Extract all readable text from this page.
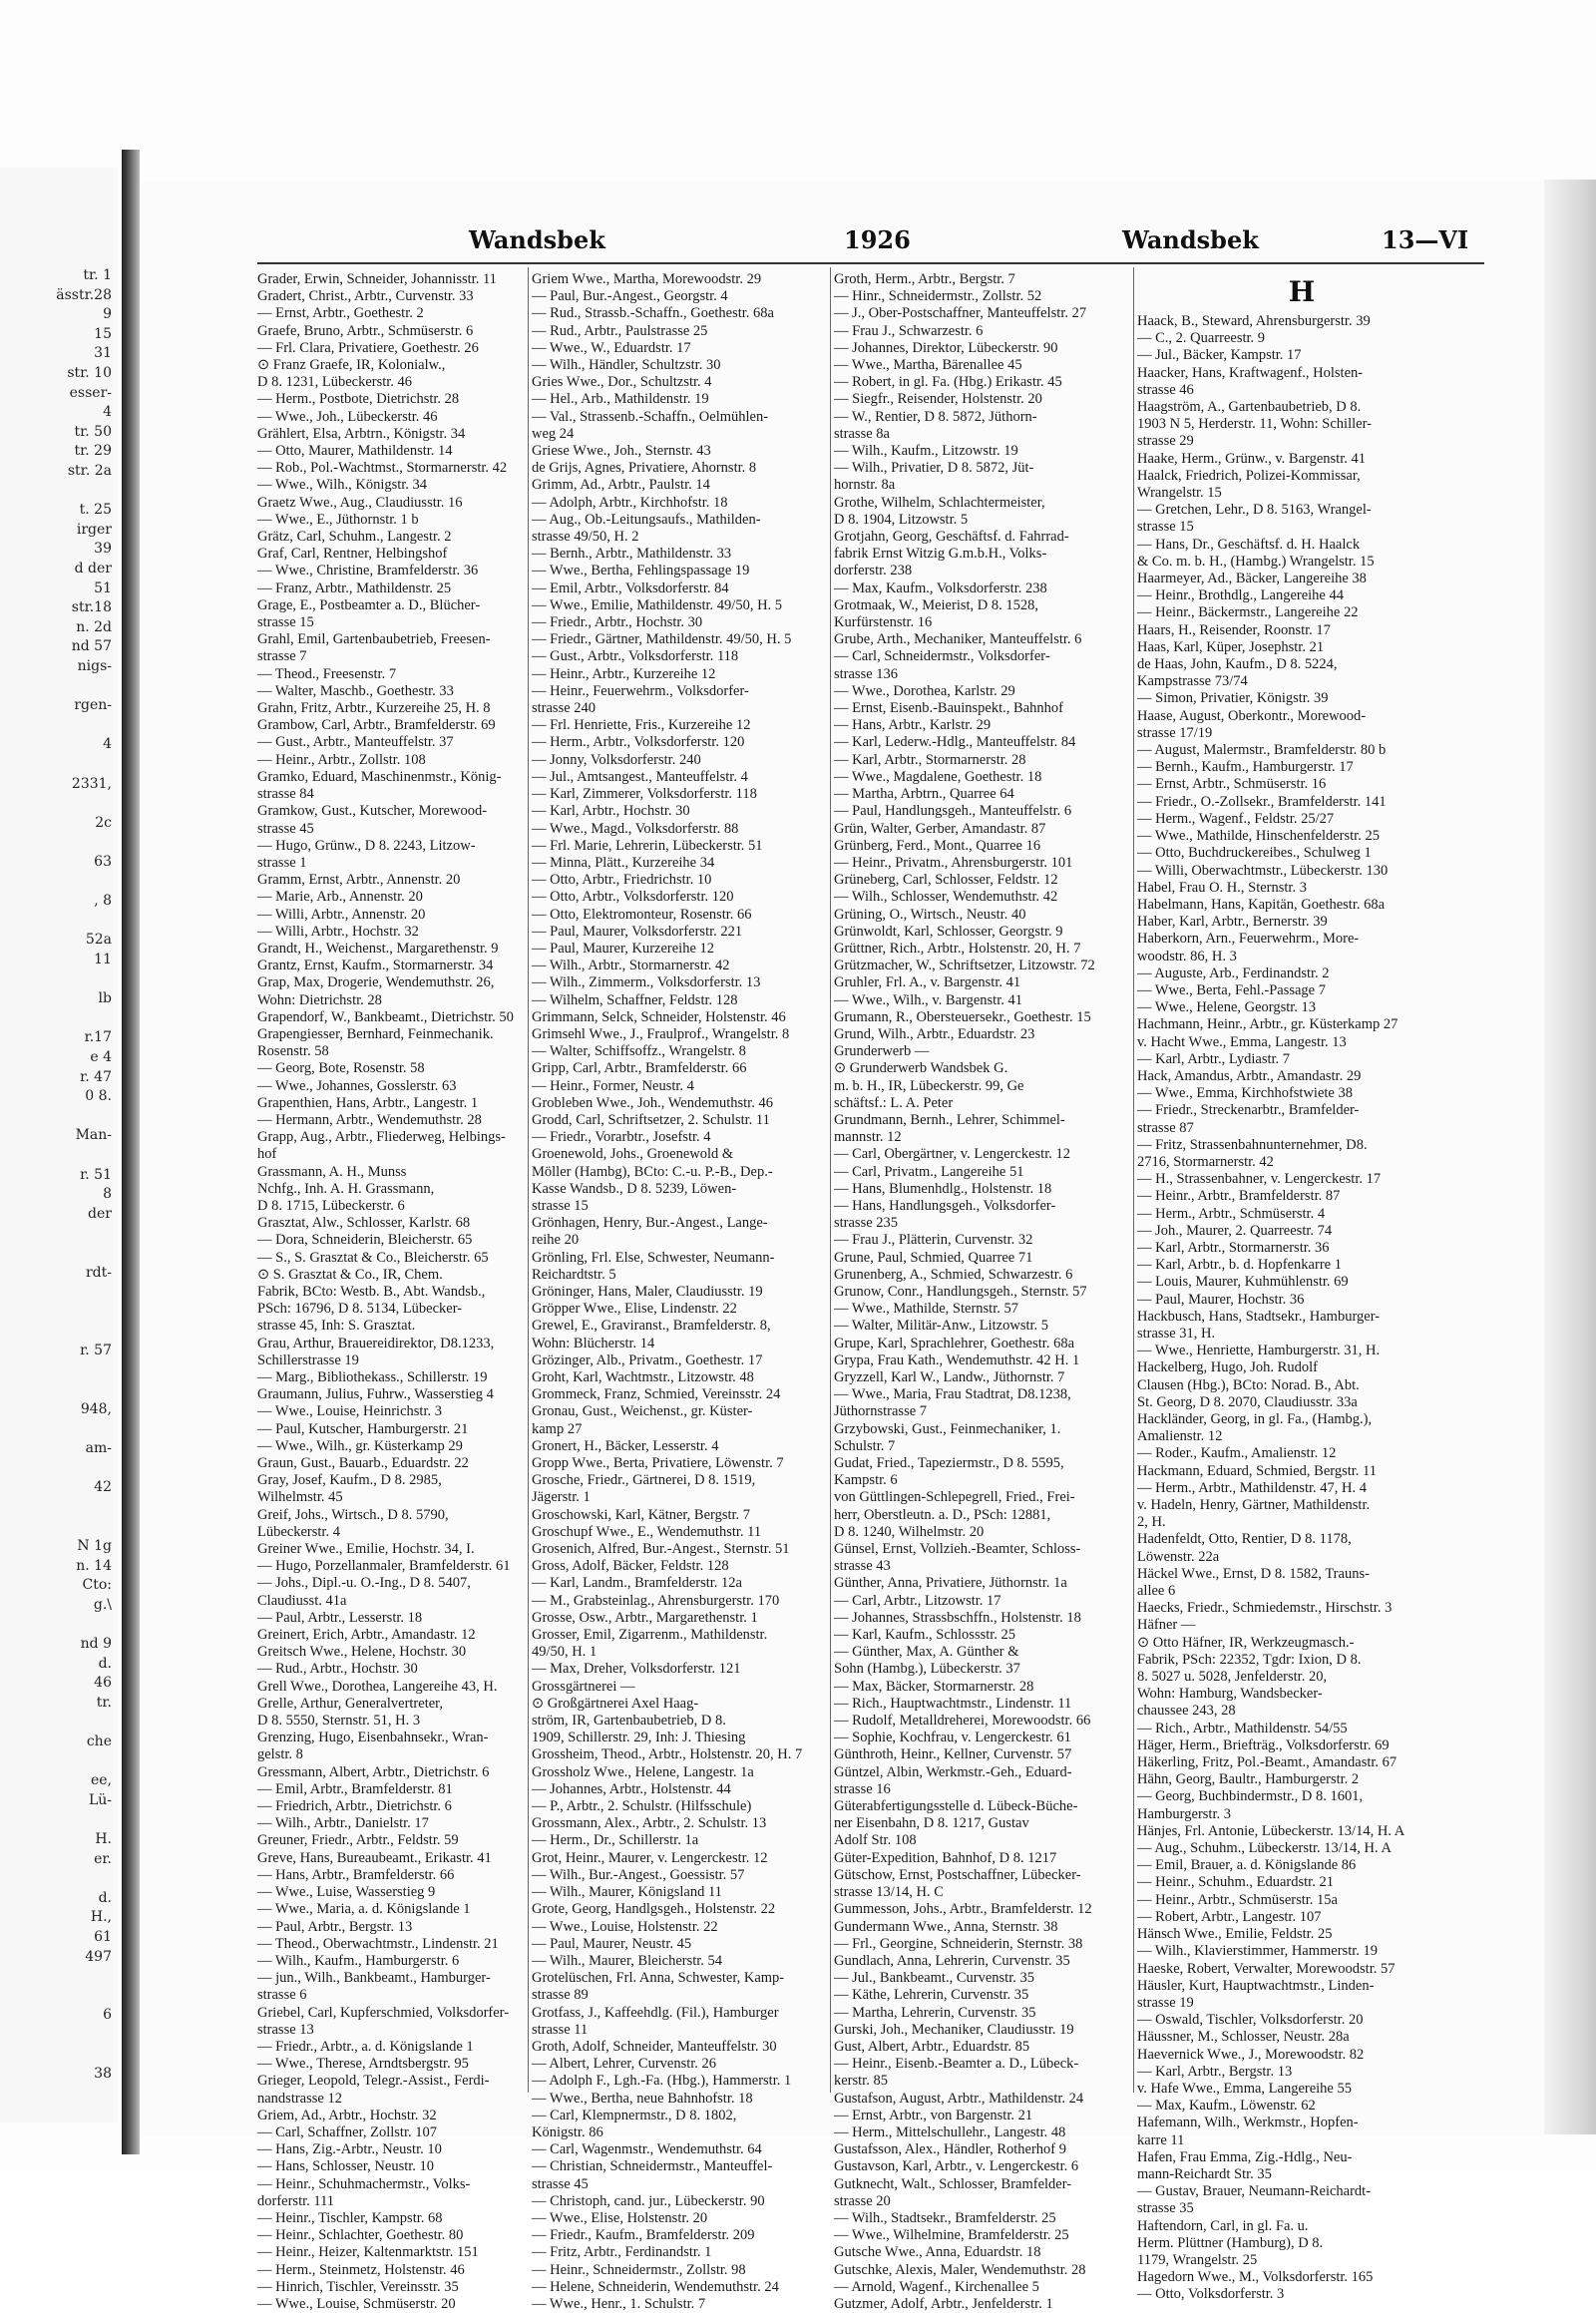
tr. 1
ässtr.28
9
15
31
str. 10
esser-
4
tr. 50
tr. 29
str. 2a
t. 25
irger
39
d der
51
str.18
n. 2d
nd 57
nigs-
rgen-
4
2331,
2c
63
, 8
52a
11
lb
r.17
e 4
r. 47
0 8.
Man-
r. 51
8
der
rdt-
r. 57
948,
am-
42
N 1g
n. 14
Cto:
g.\
nd 9
d.
46
tr.
che
ee,
Lü-
H.
er.
d.
H.,
61
497
6
38
Wandsbek	1926	Wandsbek	13—VI
Grader, Erwin, Schneider, Johannisstr. 11
Gradert, Christ., Arbtr., Curvenstr. 33
— Ernst, Arbtr., Goethestr. 2
Graefe, Bruno, Arbtr., Schmüserstr. 6
— Frl. Clara, Privatiere, Goethestr. 26
⊙ Franz Graefe, IR, Kolonialw.,
D 8. 1231, Lübeckerstr. 46
— Herm., Postbote, Dietrichstr. 28
— Wwe., Joh., Lübeckerstr. 46
Grählert, Elsa, Arbtrn., Königstr. 34
— Otto, Maurer, Mathildenstr. 14
— Rob., Pol.-Wachtmst., Stormarnerstr. 42
— Wwe., Wilh., Königstr. 34
Graetz Wwe., Aug., Claudiusstr. 16
— Wwe., E., Jüthornstr. 1 b
Grätz, Carl, Schuhm., Langestr. 2
Graf, Carl, Rentner, Helbingshof
— Wwe., Christine, Bramfelderstr. 36
— Franz, Arbtr., Mathildenstr. 25
Grage, E., Postbeamter a. D., Blücher-
strasse 15
Grahl, Emil, Gartenbaubetrieb, Freesen-
strasse 7
— Theod., Freesenstr. 7
— Walter, Maschb., Goethestr. 33
Grahn, Fritz, Arbtr., Kurzereihe 25, H. 8
Grambow, Carl, Arbtr., Bramfelderstr. 69
— Gust., Arbtr., Manteuffelstr. 37
— Heinr., Arbtr., Zollstr. 108
Gramko, Eduard, Maschinenmstr., König-
strasse 84
Gramkow, Gust., Kutscher, Morewood-
strasse 45
— Hugo, Grünw., D 8. 2243, Litzow-
strasse 1
Gramm, Ernst, Arbtr., Annenstr. 20
— Marie, Arb., Annenstr. 20
— Willi, Arbtr., Annenstr. 20
— Willi, Arbtr., Hochstr. 32
Grandt, H., Weichenst., Margarethenstr. 9
Grantz, Ernst, Kaufm., Stormarnerstr. 34
Grap, Max, Drogerie, Wendemuthstr. 26,
Wohn: Dietrichstr. 28
Grapendorf, W., Bankbeamt., Dietrichstr. 50
Grapengiesser, Bernhard, Feinmechanik.
Rosenstr. 58
— Georg, Bote, Rosenstr. 58
— Wwe., Johannes, Gosslerstr. 63
Grapenthien, Hans, Arbtr., Langestr. 1
— Hermann, Arbtr., Wendemuthstr. 28
Grapp, Aug., Arbtr., Fliederweg, Helbings-
hof
Grassmann, A. H., Munss
Nchfg., Inh. A. H. Grassmann,
D 8. 1715, Lübeckerstr. 6
Grasztat, Alw., Schlosser, Karlstr. 68
— Dora, Schneiderin, Bleicherstr. 65
— S., S. Grasztat & Co., Bleicherstr. 65
⊙ S. Grasztat & Co., IR, Chem.
Fabrik, BCto: Westb. B., Abt. Wandsb.,
PSch: 16796, D 8. 5134, Lübecker-
strasse 45, Inh: S. Grasztat.
Grau, Arthur, Brauereidirektor, D8.1233,
Schillerstrasse 19
— Marg., Bibliothekass., Schillerstr. 19
Graumann, Julius, Fuhrw., Wasserstieg 4
— Wwe., Louise, Heinrichstr. 3
— Paul, Kutscher, Hamburgerstr. 21
— Wwe., Wilh., gr. Küsterkamp 29
Graun, Gust., Bauarb., Eduardstr. 22
Gray, Josef, Kaufm., D 8. 2985,
Wilhelmstr. 45
Greif, Johs., Wirtsch., D 8. 5790,
Lübeckerstr. 4
Greiner Wwe., Emilie, Hochstr. 34, I.
— Hugo, Porzellanmaler, Bramfelderstr. 61
— Johs., Dipl.-u. O.-Ing., D 8. 5407,
Claudiusst. 41a
— Paul, Arbtr., Lesserstr. 18
Greinert, Erich, Arbtr., Amandastr. 12
Greitsch Wwe., Helene, Hochstr. 30
— Rud., Arbtr., Hochstr. 30
Grell Wwe., Dorothea, Langereihe 43, H.
Grelle, Arthur, Generalvertreter,
D 8. 5550, Sternstr. 51, H. 3
Grenzing, Hugo, Eisenbahnsekr., Wran-
gelstr. 8
Gressmann, Albert, Arbtr., Dietrichstr. 6
— Emil, Arbtr., Bramfelderstr. 81
— Friedrich, Arbtr., Dietrichstr. 6
— Wilh., Arbtr., Danielstr. 17
Greuner, Friedr., Arbtr., Feldstr. 59
Greve, Hans, Bureaubeamt., Erikastr. 41
— Hans, Arbtr., Bramfelderstr. 66
— Wwe., Luise, Wasserstieg 9
— Wwe., Maria, a. d. Königslande 1
— Paul, Arbtr., Bergstr. 13
— Theod., Oberwachtmstr., Lindenstr. 21
— Wilh., Kaufm., Hamburgerstr. 6
— jun., Wilh., Bankbeamt., Hamburger-
strasse 6
Griebel, Carl, Kupferschmied, Volksdorfer-
strasse 13
— Friedr., Arbtr., a. d. Königslande 1
— Wwe., Therese, Arndtsbergstr. 95
Grieger, Leopold, Telegr.-Assist., Ferdi-
nandstrasse 12
Griem, Ad., Arbtr., Hochstr. 32
— Carl, Schaffner, Zollstr. 107
— Hans, Zig.-Arbtr., Neustr. 10
— Hans, Schlosser, Neustr. 10
— Heinr., Schuhmachermstr., Volks-
dorferstr. 111
— Heinr., Tischler, Kampstr. 68
— Heinr., Schlachter, Goethestr. 80
— Heinr., Heizer, Kaltenmarktstr. 151
— Herm., Steinmetz, Holstenstr. 46
— Hinrich, Tischler, Vereinsstr. 35
— Wwe., Louise, Schmüserstr. 20
Griem Wwe., Martha, Morewoodstr. 29
— Paul, Bur.-Angest., Georgstr. 4
— Rud., Strassb.-Schaffn., Goethestr. 68a
— Rud., Arbtr., Paulstrasse 25
— Wwe., W., Eduardstr. 17
— Wilh., Händler, Schultzstr. 30
Gries Wwe., Dor., Schultzstr. 4
— Hel., Arb., Mathildenstr. 19
— Val., Strassenb.-Schaffn., Oelmühlen-
weg 24
Griese Wwe., Joh., Sternstr. 43
de Grijs, Agnes, Privatiere, Ahornstr. 8
Grimm, Ad., Arbtr., Paulstr. 14
— Adolph, Arbtr., Kirchhofstr. 18
— Aug., Ob.-Leitungsaufs., Mathilden-
strasse 49/50, H. 2
— Bernh., Arbtr., Mathildenstr. 33
— Wwe., Bertha, Fehlingspassage 19
— Emil, Arbtr., Volksdorferstr. 84
— Wwe., Emilie, Mathildenstr. 49/50, H. 5
— Friedr., Arbtr., Hochstr. 30
— Friedr., Gärtner, Mathildenstr. 49/50, H. 5
— Gust., Arbtr., Volksdorferstr. 118
— Heinr., Arbtr., Kurzereihe 12
— Heinr., Feuerwehrm., Volksdorfer-
strasse 240
— Frl. Henriette, Fris., Kurzereihe 12
— Herm., Arbtr., Volksdorferstr. 120
— Jonny, Volksdorferstr. 240
— Jul., Amtsangest., Manteuffelstr. 4
— Karl, Zimmerer, Volksdorferstr. 118
— Karl, Arbtr., Hochstr. 30
— Wwe., Magd., Volksdorferstr. 88
— Frl. Marie, Lehrerin, Lübeckerstr. 51
— Minna, Plätt., Kurzereihe 34
— Otto, Arbtr., Friedrichstr. 10
— Otto, Arbtr., Volksdorferstr. 120
— Otto, Elektromonteur, Rosenstr. 66
— Paul, Maurer, Volksdorferstr. 221
— Paul, Maurer, Kurzereihe 12
— Wilh., Arbtr., Stormarnerstr. 42
— Wilh., Zimmerm., Volksdorferstr. 13
— Wilhelm, Schaffner, Feldstr. 128
Grimmann, Selck, Schneider, Holstenstr. 46
Grimsehl Wwe., J., Fraulprof., Wrangelstr. 8
— Walter, Schiffsoffz., Wrangelstr. 8
Gripp, Carl, Arbtr., Bramfelderstr. 66
— Heinr., Former, Neustr. 4
Grobleben Wwe., Joh., Wendemuthstr. 46
Grodd, Carl, Schriftsetzer, 2. Schulstr. 11
— Friedr., Vorarbtr., Josefstr. 4
Groenewold, Johs., Groenewold &
Möller (Hambg), BCto: C.-u. P.-B., Dep.-
Kasse Wandsb., D 8. 5239, Löwen-
strasse 15
Grönhagen, Henry, Bur.-Angest., Lange-
reihe 20
Grönling, Frl. Else, Schwester, Neumann-
Reichardtstr. 5
Gröninger, Hans, Maler, Claudiusstr. 19
Gröpper Wwe., Elise, Lindenstr. 22
Grewel, E., Graviranst., Bramfelderstr. 8,
Wohn: Blücherstr. 14
Grözinger, Alb., Privatm., Goethestr. 17
Groht, Karl, Wachtmstr., Litzowstr. 48
Grommeck, Franz, Schmied, Vereinsstr. 24
Gronau, Gust., Weichenst., gr. Küster-
kamp 27
Gronert, H., Bäcker, Lesserstr. 4
Gropp Wwe., Berta, Privatiere, Löwenstr. 7
Grosche, Friedr., Gärtnerei, D 8. 1519,
Jägerstr. 1
Groschowski, Karl, Kätner, Bergstr. 7
Groschupf Wwe., E., Wendemuthstr. 11
Grosenich, Alfred, Bur.-Angest., Sternstr. 51
Gross, Adolf, Bäcker, Feldstr. 128
— Karl, Landm., Bramfelderstr. 12a
— M., Grabsteinlag., Ahrensburgerstr. 170
Grosse, Osw., Arbtr., Margarethenstr. 1
Grosser, Emil, Zigarrenm., Mathildenstr.
49/50, H. 1
— Max, Dreher, Volksdorferstr. 121
Grossgärtnerei —
⊙ Großgärtnerei Axel Haag-
ström, IR, Gartenbaubetrieb, D 8.
1909, Schillerstr. 29, Inh: J. Thiesing
Grossheim, Theod., Arbtr., Holstenstr. 20, H. 7
Grossholz Wwe., Helene, Langestr. 1a
— Johannes, Arbtr., Holstenstr. 44
— P., Arbtr., 2. Schulstr. (Hilfsschule)
Grossmann, Alex., Arbtr., 2. Schulstr. 13
— Herm., Dr., Schillerstr. 1a
Grot, Heinr., Maurer, v. Lengerckestr. 12
— Wilh., Bur.-Angest., Goessistr. 57
— Wilh., Maurer, Königsland 11
Grote, Georg, Handlgsgeh., Holstenstr. 22
— Wwe., Louise, Holstenstr. 22
— Paul, Maurer, Neustr. 45
— Wilh., Maurer, Bleicherstr. 54
Grotelüschen, Frl. Anna, Schwester, Kamp-
strasse 89
Grotfass, J., Kaffeehdlg. (Fil.), Hamburger
strasse 11
Groth, Adolf, Schneider, Manteuffelstr. 30
— Albert, Lehrer, Curvenstr. 26
— Adolph F., Lgh.-Fa. (Hbg.), Hammerstr. 1
— Wwe., Bertha, neue Bahnhofstr. 18
— Carl, Klempnermstr., D 8. 1802,
Königstr. 86
— Carl, Wagenmstr., Wendemuthstr. 64
— Christian, Schneidermstr., Manteuffel-
strasse 45
— Christoph, cand. jur., Lübeckerstr. 90
— Wwe., Elise, Holstenstr. 20
— Friedr., Kaufm., Bramfelderstr. 209
— Fritz, Arbtr., Ferdinandstr. 1
— Heinr., Schneidermstr., Zollstr. 98
— Helene, Schneiderin, Wendemuthstr. 24
— Wwe., Henr., 1. Schulstr. 7
Groth, Herm., Arbtr., Bergstr. 7
— Hinr., Schneidermstr., Zollstr. 52
— J., Ober-Postschaffner, Manteuffelstr. 27
— Frau J., Schwarzestr. 6
— Johannes, Direktor, Lübeckerstr. 90
— Wwe., Martha, Bärenallee 45
— Robert, in gl. Fa. (Hbg.) Erikastr. 45
— Siegfr., Reisender, Holstenstr. 20
— W., Rentier, D 8. 5872, Jüthorn-
strasse 8a
— Wilh., Kaufm., Litzowstr. 19
— Wilh., Privatier, D 8. 5872, Jüt-
hornstr. 8a
Grothe, Wilhelm, Schlachtermeister,
D 8. 1904, Litzowstr. 5
Grotjahn, Georg, Geschäftsf. d. Fahrrad-
fabrik Ernst Witzig G.m.b.H., Volks-
dorferstr. 238
— Max, Kaufm., Volksdorferstr. 238
Grotmaak, W., Meierist, D 8. 1528,
Kurfürstenstr. 16
Grube, Arth., Mechaniker, Manteuffelstr. 6
— Carl, Schneidermstr., Volksdorfer-
strasse 136
— Wwe., Dorothea, Karlstr. 29
— Ernst, Eisenb.-Bauinspekt., Bahnhof
— Hans, Arbtr., Karlstr. 29
— Karl, Lederw.-Hdlg., Manteuffelstr. 84
— Karl, Arbtr., Stormarnerstr. 28
— Wwe., Magdalene, Goethestr. 18
— Martha, Arbtrn., Quarree 64
— Paul, Handlungsgeh., Manteuffelstr. 6
Grün, Walter, Gerber, Amandastr. 87
Grünberg, Ferd., Mont., Quarree 16
— Heinr., Privatm., Ahrensburgerstr. 101
Grüneberg, Carl, Schlosser, Feldstr. 12
— Wilh., Schlosser, Wendemuthstr. 42
Grüning, O., Wirtsch., Neustr. 40
Grünwoldt, Karl, Schlosser, Georgstr. 9
Grüttner, Rich., Arbtr., Holstenstr. 20, H. 7
Grützmacher, W., Schriftsetzer, Litzowstr. 72
Gruhler, Frl. A., v. Bargenstr. 41
— Wwe., Wilh., v. Bargenstr. 41
Grumann, R., Obersteuersekr., Goethestr. 15
Grund, Wilh., Arbtr., Eduardstr. 23
Grunderwerb —
⊙ Grunderwerb Wandsbek G.
m. b. H., IR, Lübeckerstr. 99, Ge
schäftsf.: L. A. Peter
Grundmann, Bernh., Lehrer, Schimmel-
mannstr. 12
— Carl, Obergärtner, v. Lengerckestr. 12
— Carl, Privatm., Langereihe 51
— Hans, Blumenhdlg., Holstenstr. 18
— Hans, Handlungsgeh., Volksdorfer-
strasse 235
— Frau J., Plätterin, Curvenstr. 32
Grune, Paul, Schmied, Quarree 71
Grunenberg, A., Schmied, Schwarzestr. 6
Grunow, Conr., Handlungsgeh., Sternstr. 57
— Wwe., Mathilde, Sternstr. 57
— Walter, Militär-Anw., Litzowstr. 5
Grupe, Karl, Sprachlehrer, Goethestr. 68a
Grypa, Frau Kath., Wendemuthstr. 42 H. 1
Gryzzell, Karl W., Landw., Jüthornstr. 7
— Wwe., Maria, Frau Stadtrat, D8.1238,
Jüthornstrasse 7
Grzybowski, Gust., Feinmechaniker, 1.
Schulstr. 7
Gudat, Fried., Tapeziermstr., D 8. 5595,
Kampstr. 6
von Güttlingen-Schlepegrell, Fried., Frei-
herr, Oberstleutn. a. D., PSch: 12881,
D 8. 1240, Wilhelmstr. 20
Günsel, Ernst, Vollzieh.-Beamter, Schloss-
strasse 43
Günther, Anna, Privatiere, Jüthornstr. 1a
— Carl, Arbtr., Litzowstr. 17
— Johannes, Strassbschffn., Holstenstr. 18
— Karl, Kaufm., Schlossstr. 25
— Günther, Max, A. Günther &
Sohn (Hambg.), Lübeckerstr. 37
— Max, Bäcker, Stormarnerstr. 28
— Rich., Hauptwachtmstr., Lindenstr. 11
— Rudolf, Metalldreherei, Morewoodstr. 66
— Sophie, Kochfrau, v. Lengerckestr. 61
Günthroth, Heinr., Kellner, Curvenstr. 57
Güntzel, Albin, Werkmstr.-Geh., Eduard-
strasse 16
Güterabfertigungsstelle d. Lübeck-Büche-
ner Eisenbahn, D 8. 1217, Gustav
Adolf Str. 108
Güter-Expedition, Bahnhof, D 8. 1217
Gütschow, Ernst, Postschaffner, Lübecker-
strasse 13/14, H. C
Gummesson, Johs., Arbtr., Bramfelderstr. 12
Gundermann Wwe., Anna, Sternstr. 38
— Frl., Georgine, Schneiderin, Sternstr. 38
Gundlach, Anna, Lehrerin, Curvenstr. 35
— Jul., Bankbeamt., Curvenstr. 35
— Käthe, Lehrerin, Curvenstr. 35
— Martha, Lehrerin, Curvenstr. 35
Gurski, Joh., Mechaniker, Claudiusstr. 19
Gust, Albert, Arbtr., Eduardstr. 85
— Heinr., Eisenb.-Beamter a. D., Lübeck-
kerstr. 85
Gustafson, August, Arbtr., Mathildenstr. 24
— Ernst, Arbtr., von Bargenstr. 21
— Herm., Mittelschullehr., Langestr. 48
Gustafsson, Alex., Händler, Rotherhof 9
Gustavson, Karl, Arbtr., v. Lengerckestr. 6
Gutknecht, Walt., Schlosser, Bramfelder-
strasse 20
— Wilh., Stadtsekr., Bramfelderstr. 25
— Wwe., Wilhelmine, Bramfelderstr. 25
Gutsche Wwe., Anna, Eduardstr. 18
Gutschke, Alexis, Maler, Wendemuthstr. 28
— Arnold, Wagenf., Kirchenallee 5
Gutzmer, Adolf, Arbtr., Jenfelderstr. 1
H
Haack, B., Steward, Ahrensburgerstr. 39
— C., 2. Quarreestr. 9
— Jul., Bäcker, Kampstr. 17
Haacker, Hans, Kraftwagenf., Holsten-
strasse 46
Haagström, A., Gartenbaubetrieb, D 8.
1903 N 5, Herderstr. 11, Wohn: Schiller-
strasse 29
Haake, Herm., Grünw., v. Bargenstr. 41
Haalck, Friedrich, Polizei-Kommissar,
Wrangelstr. 15
— Gretchen, Lehr., D 8. 5163, Wrangel-
strasse 15
— Hans, Dr., Geschäftsf. d. H. Haalck
& Co. m. b. H., (Hambg.) Wrangelstr. 15
Haarmeyer, Ad., Bäcker, Langereihe 38
— Heinr., Brothdlg., Langereihe 44
— Heinr., Bäckermstr., Langereihe 22
Haars, H., Reisender, Roonstr. 17
Haas, Karl, Küper, Josephstr. 21
de Haas, John, Kaufm., D 8. 5224,
Kampstrasse 73/74
— Simon, Privatier, Königstr. 39
Haase, August, Oberkontr., Morewood-
strasse 17/19
— August, Malermstr., Bramfelderstr. 80 b
— Bernh., Kaufm., Hamburgerstr. 17
— Ernst, Arbtr., Schmüserstr. 16
— Friedr., O.-Zollsekr., Bramfelderstr. 141
— Herm., Wagenf., Feldstr. 25/27
— Wwe., Mathilde, Hinschenfelderstr. 25
— Otto, Buchdruckereibes., Schulweg 1
— Willi, Oberwachtmstr., Lübeckerstr. 130
Habel, Frau O. H., Sternstr. 3
Habelmann, Hans, Kapitän, Goethestr. 68a
Haber, Karl, Arbtr., Bernerstr. 39
Haberkorn, Arn., Feuerwehrm., More-
woodstr. 86, H. 3
— Auguste, Arb., Ferdinandstr. 2
— Wwe., Berta, Fehl.-Passage 7
— Wwe., Helene, Georgstr. 13
Hachmann, Heinr., Arbtr., gr. Küsterkamp 27
v. Hacht Wwe., Emma, Langestr. 13
— Karl, Arbtr., Lydiastr. 7
Hack, Amandus, Arbtr., Amandastr. 29
— Wwe., Emma, Kirchhofstwiete 38
— Friedr., Streckenarbtr., Bramfelder-
strasse 87
— Fritz, Strassenbahnunternehmer, D8.
2716, Stormarnerstr. 42
— H., Strassenbahner, v. Lengerckestr. 17
— Heinr., Arbtr., Bramfelderstr. 87
— Herm., Arbtr., Schmüserstr. 4
— Joh., Maurer, 2. Quarreestr. 74
— Karl, Arbtr., Stormarnerstr. 36
— Karl, Arbtr., b. d. Hopfenkarre 1
— Louis, Maurer, Kuhmühlenstr. 69
— Paul, Maurer, Hochstr. 36
Hackbusch, Hans, Stadtsekr., Hamburger-
strasse 31, H.
— Wwe., Henriette, Hamburgerstr. 31, H.
Hackelberg, Hugo, Joh. Rudolf
Clausen (Hbg.), BCto: Norad. B., Abt.
St. Georg, D 8. 2070, Claudiusstr. 33a
Hackländer, Georg, in gl. Fa., (Hambg.),
Amalienstr. 12
— Roder., Kaufm., Amalienstr. 12
Hackmann, Eduard, Schmied, Bergstr. 11
— Herm., Arbtr., Mathildenstr. 47, H. 4
v. Hadeln, Henry, Gärtner, Mathildenstr.
2, H.
Hadenfeldt, Otto, Rentier, D 8. 1178,
Löwenstr. 22a
Häckel Wwe., Ernst, D 8. 1582, Trauns-
allee 6
Haecks, Friedr., Schmiedemstr., Hirschstr. 3
Häfner —
⊙ Otto Häfner, IR, Werkzeugmasch.-
Fabrik, PSch: 22352, Tgdr: Ixion, D 8.
8. 5027 u. 5028, Jenfelderstr. 20,
Wohn: Hamburg, Wandsbecker-
chaussee 243, 28
— Rich., Arbtr., Mathildenstr. 54/55
Häger, Herm., Briefträg., Volksdorferstr. 69
Häkerling, Fritz, Pol.-Beamt., Amandastr. 67
Hähn, Georg, Baultr., Hamburgerstr. 2
— Georg, Buchbindermstr., D 8. 1601,
Hamburgerstr. 3
Hänjes, Frl. Antonie, Lübeckerstr. 13/14, H. A
— Aug., Schuhm., Lübeckerstr. 13/14, H. A
— Emil, Brauer, a. d. Königslande 86
— Heinr., Schuhm., Eduardstr. 21
— Heinr., Arbtr., Schmüserstr. 15a
— Robert, Arbtr., Langestr. 107
Hänsch Wwe., Emilie, Feldstr. 25
— Wilh., Klavierstimmer, Hammerstr. 19
Haeske, Robert, Verwalter, Morewoodstr. 57
Häusler, Kurt, Hauptwachtmstr., Linden-
strasse 19
— Oswald, Tischler, Volksdorferstr. 20
Häussner, M., Schlosser, Neustr. 28a
Haevernick Wwe., J., Morewoodstr. 82
— Karl, Arbtr., Bergstr. 13
v. Hafe Wwe., Emma, Langereihe 55
— Max, Kaufm., Löwenstr. 62
Hafemann, Wilh., Werkmstr., Hopfen-
karre 11
Hafen, Frau Emma, Zig.-Hdlg., Neu-
mann-Reichardt Str. 35
— Gustav, Brauer, Neumann-Reichardt-
strasse 35
Haftendorn, Carl, in gl. Fa. u.
Herm. Plüttner (Hamburg), D 8.
1179, Wrangelstr. 25
Hagedorn Wwe., M., Volksdorferstr. 165
— Otto, Volksdorferstr. 3
